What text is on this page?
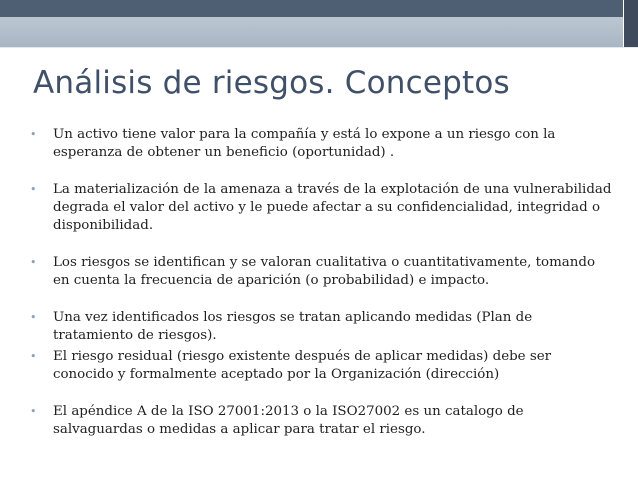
Análisis de riesgos. Conceptos
• Un activo tiene valor para la compañía y está lo expone a un riesgo con la esperanza de obtener un beneficio (oportunidad) .
• La materialización de la amenaza a través de la explotación de una vulnerabilidad degrada el valor del activo y le puede afectar a su confidencialidad, integridad o disponibilidad.
• Los riesgos se identifican y se valoran cualitativa o cuantitativamente, tomando en cuenta la frecuencia de aparición (o probabilidad) e impacto.
• Una vez identificados los riesgos se tratan aplicando medidas (Plan de tratamiento de riesgos).
• El riesgo residual (riesgo existente después de aplicar medidas) debe ser conocido y formalmente aceptado por la Organización (dirección)
• El apéndice A de la ISO 27001:2013 o la ISO27002 es un catalogo de salvaguardas o medidas a aplicar para tratar el riesgo.
